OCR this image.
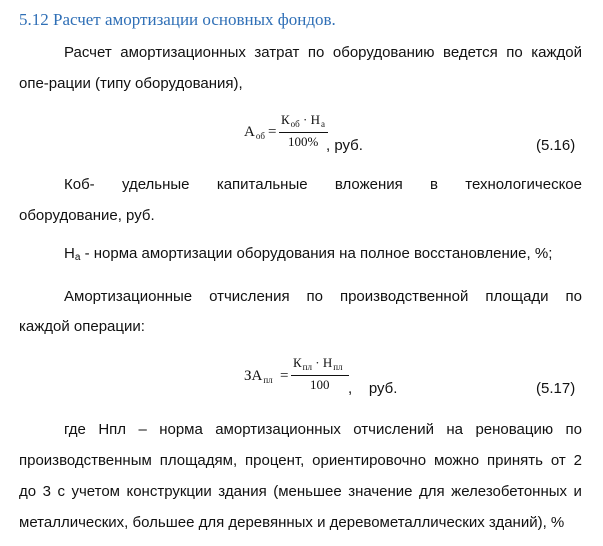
5.12 Расчет амортизации основных фондов.
Расчет амортизационных затрат по оборудованию ведется по каждой
опе-рации (типу оборудования),
$А_{об}$ =
$К_{об} \cdot Н_а$
100% , руб.	(5.16)
Коб- удельные капитальные вложения в технологическое
оборудование, руб.
На - норма амортизации оборудования на полное восстановление, %;
Амортизационные отчисления по производственной площади по
каждой операции:
$ЗА_{пл}$ =
$К_{пл} \cdot Н_{пл}$
100 ,    руб.	(5.17)
где Нпл – норма амортизационных отчислений на реновацию по
производственным площадям, процент, ориентировочно можно принять от 2
до 3 с учетом конструкции здания (меньшее значение для железобетонных и
металлических, большее для деревянных и деревометаллических зданий), %
